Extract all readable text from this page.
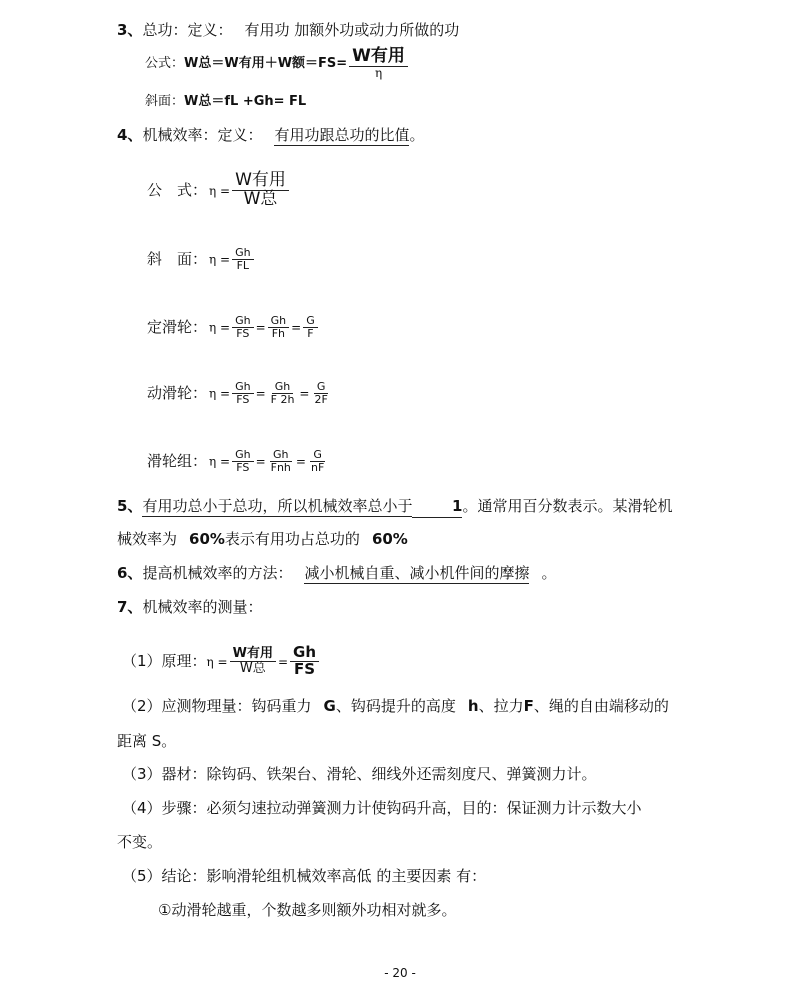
3、总功：定义： 有用功 加额外功或动力所做的功
公式：W总＝W有用＋W额$=FS= \frac{\text{W有用}}{\eta}$
斜面：W总＝fL +Gh= FL
4、机械效率：定义： 有用功跟总功的比值。
公　式： $\eta = \frac{\text{W有用}}{\text{W总}}$
斜　面： $\eta = \frac{Gh}{FL}$
定滑轮： $\eta = \frac{Gh}{FS} = \frac{Gh}{Fh} = \frac{G}{F}$
动滑轮： $\eta = \frac{Gh}{FS} = \frac{Gh}{F 2h} = \frac{G}{2F}$
滑轮组： $\eta = \frac{Gh}{FS} = \frac{Gh}{\text{Fnh}} = \frac{G}{nF}$
5、有用功总小于总功，所以机械效率总小于	1。通常用百分数表示。某滑轮机
械效率为 60%表示有用功占总功的 60%
6、提高机械效率的方法： 减小机械自重、减小机件间的摩擦 。
7、机械效率的测量：
（1）原理：$\eta = \frac{\text{W有用}}{\text{W总}} = \frac{Gh}{FS}$
（2）应测物理量：钩码重力 G、钩码提升的高度 h、拉力F、绳的自由端移动的
距离 S。
（3）器材：除钩码、铁架台、滑轮、细线外还需刻度尺、弹簧测力计。
（4）步骤：必须匀速拉动弹簧测力计使钩码升高，目的：保证测力计示数大小
不变。
（5）结论：影响滑轮组机械效率高低 的主要因素 有：
①动滑轮越重，个数越多则额外功相对就多。
- 20 -
